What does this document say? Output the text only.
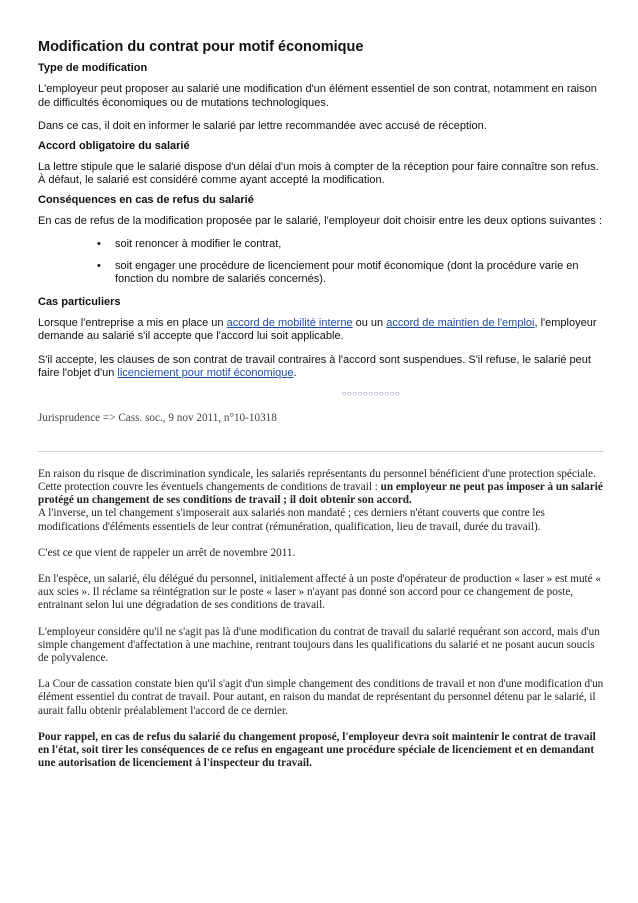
Modification du contrat pour motif économique
Type de modification

L'employeur peut proposer au salarié une modification d'un élément essentiel de son contrat, notamment en raison de difficultés économiques ou de mutations technologiques.

Dans ce cas, il doit en informer le salarié par lettre recommandée avec accusé de réception.

Accord obligatoire du salarié

La lettre stipule que le salarié dispose d'un délai d'un mois à compter de la réception pour faire connaître son refus. À défaut, le salarié est considéré comme ayant accepté la modification.

Conséquences en cas de refus du salarié

En cas de refus de la modification proposée par le salarié, l'employeur doit choisir entre les deux options suivantes :

• soit renoncer à modifier le contrat,
• soit engager une procédure de licenciement pour motif économique (dont la procédure varie en fonction du nombre de salariés concernés).
Cas particuliers

Lorsque l'entreprise a mis en place un accord de mobilité interne ou un accord de maintien de l'emploi, l'employeur demande au salarié s'il accepte que l'accord lui soit applicable.

S'il accepte, les clauses de son contrat de travail contraires à l'accord sont suspendues. S'il refuse, le salarié peut faire l'objet d'un licenciement pour motif économique.

○○○○○○○○○○○

Jurisprudence => Cass. soc., 9 nov 2011, n°10-10318

En raison du risque de discrimination syndicale, les salariés représentants du personnel bénéficient d'une protection spéciale. Cette protection couvre les éventuels changements de conditions de travail : un employeur ne peut pas imposer à un salarié protégé un changement de ses conditions de travail ; il doit obtenir son accord.
A l'inverse, un tel changement s'imposerait aux salariés non mandaté ; ces derniers n'étant couverts que contre les modifications d'éléments essentiels de leur contrat (rémunération, qualification, lieu de travail, durée du travail).

C'est ce que vient de rappeler un arrêt de novembre 2011.

En l'espèce, un salarié, élu délégué du personnel, initialement affecté à un poste d'opérateur de production « laser » est muté « aux scies ». Il réclame sa réintégration sur le poste « laser » n'ayant pas donné son accord pour ce changement de poste, entrainant selon lui une dégradation de ses conditions de travail.

L'employeur considère qu'il ne s'agit pas là d'une modification du contrat de travail du salarié requérant son accord, mais d'un simple changement d'affectation à une machine, rentrant toujours dans les qualifications du salarié et ne posant aucun soucis de polyvalence.

La Cour de cassation constate bien qu'il s'agit d'un simple changement des conditions de travail et non d'une modification d'un élément essentiel du contrat de travail. Pour autant, en raison du mandat de représentant du personnel détenu par le salarié, il aurait fallu obtenir préalablement l'accord de ce dernier.

Pour rappel, en cas de refus du salarié du changement proposé, l'employeur devra soit maintenir le contrat de travail en l'état, soit tirer les conséquences de ce refus en engageant une procédure spéciale de licenciement et en demandant une autorisation de licenciement à l'inspecteur du travail.
